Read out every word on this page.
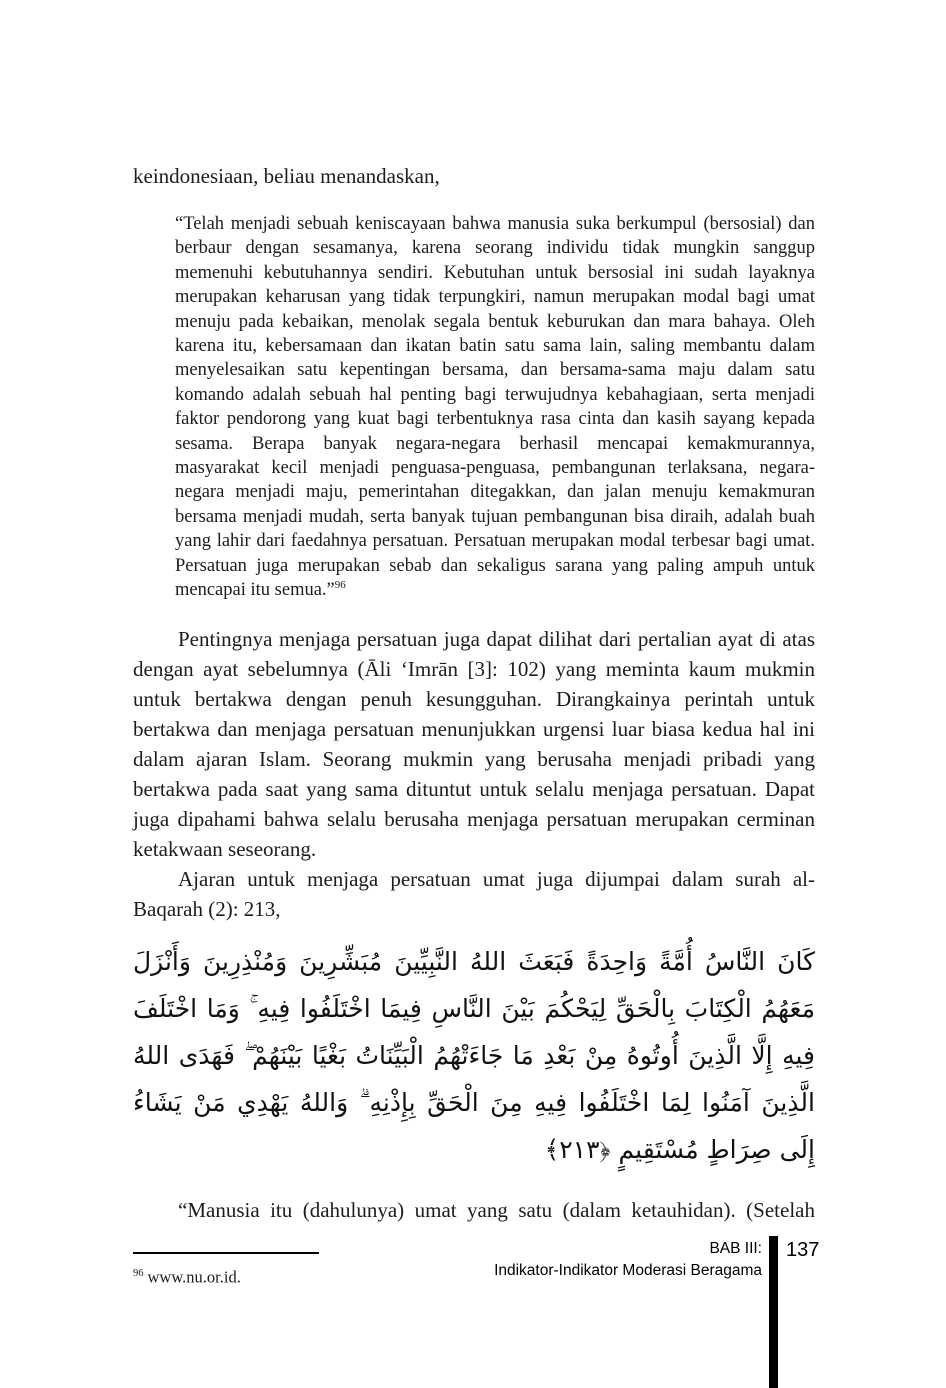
keindonesiaan, beliau menandaskan,

“Telah menjadi sebuah keniscayaan bahwa manusia suka berkumpul (bersosial) dan berbaur dengan sesamanya, karena seorang individu tidak mungkin sanggup memenuhi kebutuhannya sendiri. Kebutuhan untuk bersosial ini sudah layaknya merupakan keharusan yang tidak terpungkiri, namun merupakan modal bagi umat menuju pada kebaikan, menolak segala bentuk keburukan dan mara bahaya. Oleh karena itu, kebersamaan dan ikatan batin satu sama lain, saling membantu dalam menyelesaikan satu kepentingan bersama, dan bersama-sama maju dalam satu komando adalah sebuah hal penting bagi terwujudnya kebahagiaan, serta menjadi faktor pendorong yang kuat bagi terbentuknya rasa cinta dan kasih sayang kepada sesama. Berapa banyak negara-negara berhasil mencapai kemakmurannya, masyarakat kecil menjadi penguasa-penguasa, pembangunan terlaksana, negara-negara menjadi maju, pemerintahan ditegakkan, dan jalan menuju kemakmuran bersama menjadi mudah, serta banyak tujuan pembangunan bisa diraih, adalah buah yang lahir dari faedahnya persatuan. Persatuan merupakan modal terbesar bagi umat. Persatuan juga merupakan sebab dan sekaligus sarana yang paling ampuh untuk mencapai itu semua.”$^{96}$

Pentingnya menjaga persatuan juga dapat dilihat dari pertalian ayat di atas dengan ayat sebelumnya (Āli ‘Imrān [3]: 102) yang meminta kaum mukmin untuk bertakwa dengan penuh kesungguhan. Dirangkainya perintah untuk bertakwa dan menjaga persatuan menunjukkan urgensi luar biasa kedua hal ini dalam ajaran Islam. Seorang mukmin yang berusaha menjadi pribadi yang bertakwa pada saat yang sama dituntut untuk selalu menjaga persatuan. Dapat juga dipahami bahwa selalu berusaha menjaga persatuan merupakan cerminan ketakwaan seseorang.

Ajaran untuk menjaga persatuan umat juga dijumpai dalam surah al-Baqarah (2): 213,

كَانَ النَّاسُ أُمَّةً وَاحِدَةً فَبَعَثَ اللهُ النَّبِيِّينَ مُبَشِّرِينَ وَمُنْذِرِينَ وَأَنْزَلَ مَعَهُمُ الْكِتَابَ بِالْحَقِّ لِيَحْكُمَ بَيْنَ النَّاسِ فِيمَا اخْتَلَفُوا فِيهِ ۚ وَمَا اخْتَلَفَ فِيهِ إِلَّا الَّذِينَ أُوتُوهُ مِنْ بَعْدِ مَا جَاءَتْهُمُ الْبَيِّنَاتُ بَغْيًا بَيْنَهُمْ ۖ فَهَدَى اللهُ الَّذِينَ آمَنُوا لِمَا اخْتَلَفُوا فِيهِ مِنَ الْحَقِّ بِإِذْنِهِ ۗ وَاللهُ يَهْدِي مَنْ يَشَاءُ إِلَى صِرَاطٍ مُسْتَقِيمٍ ﴿٢١٣﴾

“Manusia itu (dahulunya) umat yang satu (dalam ketauhidan). (Setelah

$^{96}$ www.nu.or.id.

BAB III:
Indikator-Indikator Moderasi Beragama
137
